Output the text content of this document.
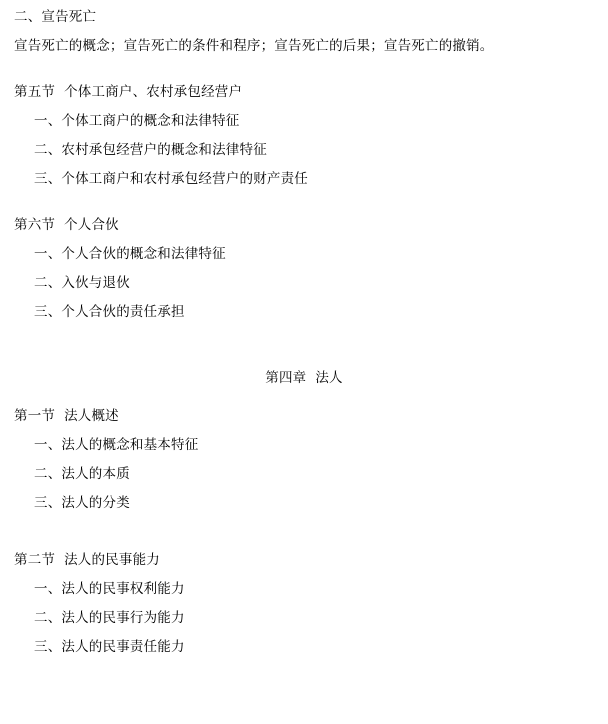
二、宣告死亡
宣告死亡的概念；宣告死亡的条件和程序；宣告死亡的后果；宣告死亡的撤销。
第五节  个体工商户、农村承包经营户
一、个体工商户的概念和法律特征
二、农村承包经营户的概念和法律特征
三、个体工商户和农村承包经营户的财产责任
第六节  个人合伙
一、个人合伙的概念和法律特征
二、入伙与退伙
三、个人合伙的责任承担
第四章  法人
第一节  法人概述
一、法人的概念和基本特征
二、法人的本质
三、法人的分类
第二节  法人的民事能力
一、法人的民事权利能力
二、法人的民事行为能力
三、法人的民事责任能力
